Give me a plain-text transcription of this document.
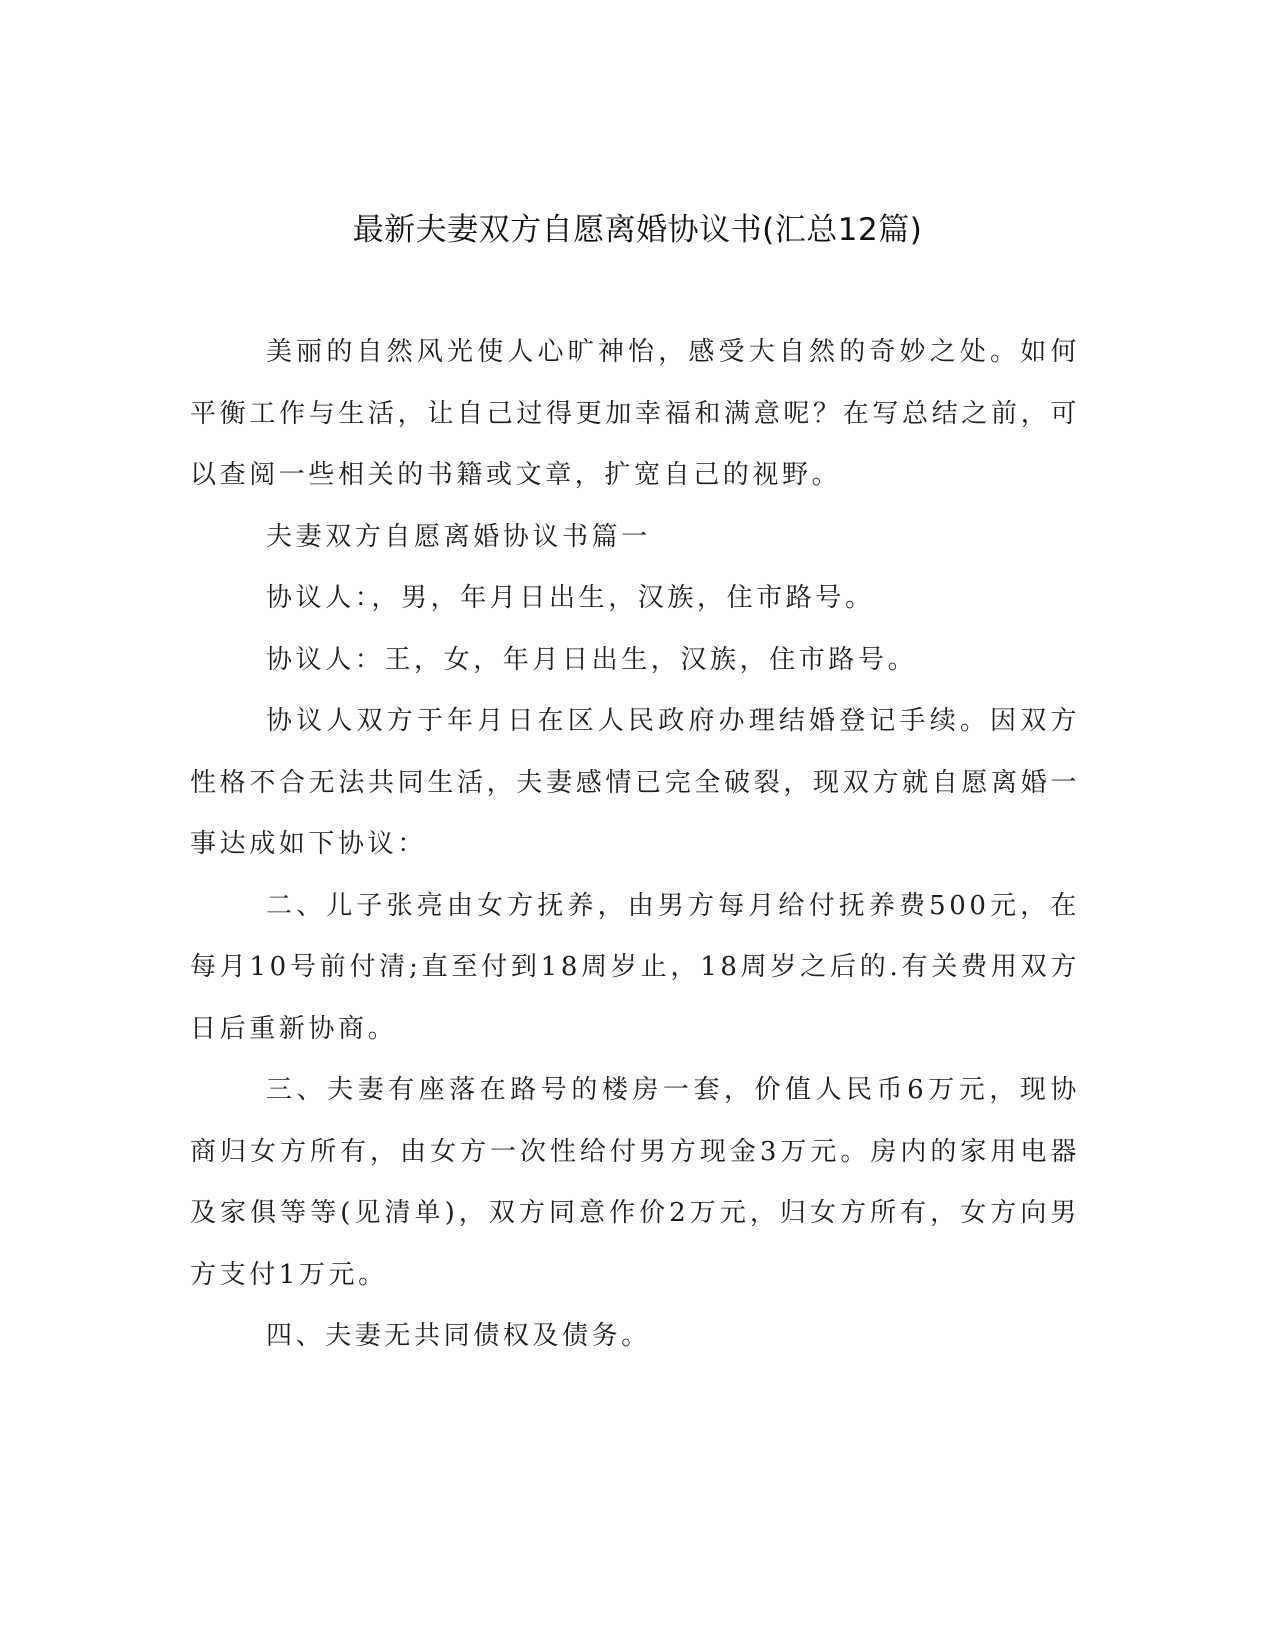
最新夫妻双方自愿离婚协议书(汇总12篇)

美丽的自然风光使人心旷神怡，感受大自然的奇妙之处。如何平衡工作与生活，让自己过得更加幸福和满意呢？在写总结之前，可以查阅一些相关的书籍或文章，扩宽自己的视野。

夫妻双方自愿离婚协议书篇一

协议人：，男，年月日出生，汉族，住市路号。

协议人：王，女，年月日出生，汉族，住市路号。

协议人双方于年月日在区人民政府办理结婚登记手续。因双方性格不合无法共同生活，夫妻感情已完全破裂，现双方就自愿离婚一事达成如下协议：

二、儿子张亮由女方抚养，由男方每月给付抚养费500元，在每月10号前付清;直至付到18周岁止，18周岁之后的.有关费用双方日后重新协商。

三、夫妻有座落在路号的楼房一套，价值人民币6万元，现协商归女方所有，由女方一次性给付男方现金3万元。房内的家用电器及家俱等等(见清单)，双方同意作价2万元，归女方所有，女方向男方支付1万元。

四、夫妻无共同债权及债务。
